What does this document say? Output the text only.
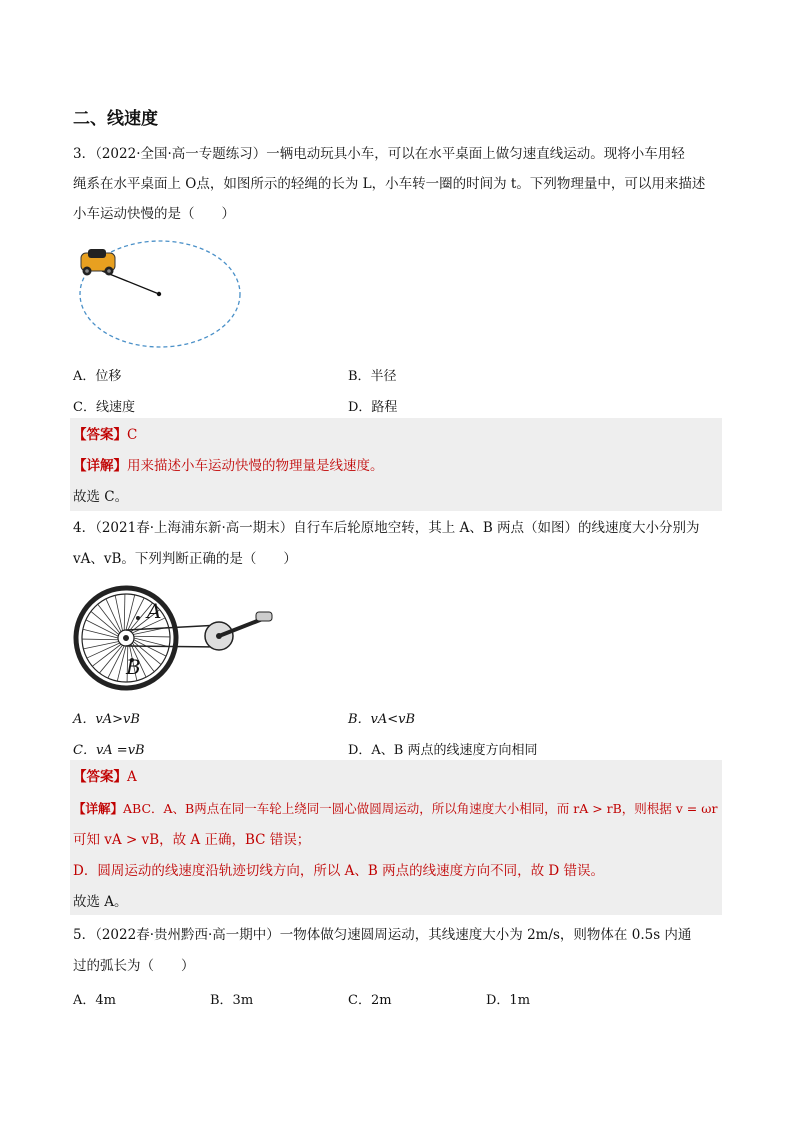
二、线速度
3．（2022·全国·高一专题练习）一辆电动玩具小车，可以在水平桌面上做匀速直线运动。现将小车用轻
绳系在水平桌面上 O点，如图所示的轻绳的长为 L，小车转一圈的时间为 t。下列物理量中，可以用来描述
小车运动快慢的是（　　）
A．位移	B．半径
C．线速度	D．路程
【答案】C
【详解】用来描述小车运动快慢的物理量是线速度。
故选 C。
4．（2021春·上海浦东新·高一期末）自行车后轮原地空转，其上 A、B 两点（如图）的线速度大小分别为
vA、vB。下列判断正确的是（　　）
A
B
A．vA>vB	B．vA<vB
C．vA =vB	D．A、B 两点的线速度方向相同
【答案】A
【详解】ABC．A、B两点在同一车轮上绕同一圆心做圆周运动，所以角速度大小相同，而 rA > rB，则根据 v = ωr
可知 vA > vB，故 A 正确，BC 错误；
D．圆周运动的线速度沿轨迹切线方向，所以 A、B 两点的线速度方向不同，故 D 错误。
故选 A。
5．（2022春·贵州黔西·高一期中）一物体做匀速圆周运动，其线速度大小为 2m/s，则物体在 0.5s 内通
过的弧长为（　　）
A．4m	B．3m	C．2m	D．1m
